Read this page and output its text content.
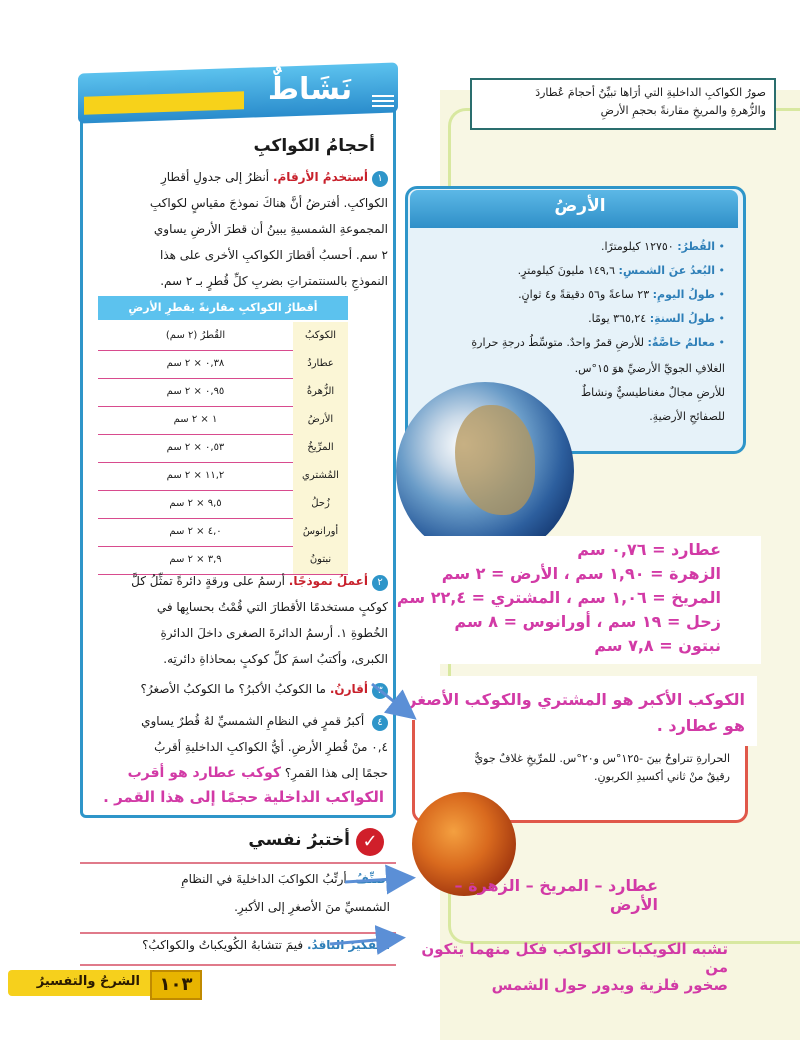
صورُ الكواكبِ الداخليةِ التي أرَاها تبيِّنُ أحجامَ عُطاردَ
والزُّهرةِ والمريخِ مقارنةً بحجمِ الأرضِ
الأرضُ
• القُطرُ: ١٢٧٥٠ كيلومترًا.
• البُعدُ عنَ الشمسِ: ١٤٩,٦ مليونَ كيلومترٍ.
• طولُ اليومِ: ٢٣ ساعةً و٥٦ دقيقةً و٤ ثوانٍ.
• طولُ السنةِ: ٣٦٥,٢٤ يومًا.
• معالمُ خاصَّةٌ: للأرضِ قمرٌ واحدٌ. متوسِّطُ درجةِ حرارةِ
الغلافِ الجويِّ الأرضيِّ هوَ ١٥°س.
للأرضِ مجالٌ مغناطيسيٌّ ونشاطٌ
للصفائحِ الأرضيةِ.
الحرارةِ تتراوحُ بينَ -١٢٥°س و٢٠°س. للمرِّيخِ غلافٌ جويٌّ
رقيقٌ منْ ثاني أكسيدِ الكربونِ.
عطارد = ٠,٧٦ سم
الزهرة = ١,٩٠ سم ، الأرض = ٢ سم
المريخ = ١,٠٦ سم ، المشتري = ٢٢,٤ سم
زحل = ١٩ سم ، أورانوس = ٨ سم
نبتون = ٧,٨ سم
الكوكب الأكبر هو المشتري والكوكب الأصغر
هو عطارد .
نَشَاطٌ
أحجامُ الكواكبِ
١أستخدمُ الأرقامَ. أنظرُ إلى جدولِ أقطارِ
الكواكبِ. أفترضُ أنَّ هناكَ نموذجَ مقياسٍ لكواكبِ
المجموعةِ الشمسيةِ يبينُ أن قطرَ الأرضِ يساوي
٢ سم. أحسبُ أقطارَ الكواكبِ الأخرى على هذا
النموذجِ بالسنتمتراتِ بضربِ كلِّ قُطرٍ بـ ٢ سم.
أقطارُ الكواكبِ مقارنةً بقطرِ الأرضِ
الكوكبُ
القُطرُ (٢ سم)
عطاردُ
٠,٣٨ × ٢ سم
الزُّهرةُ
٠,٩٥ × ٢ سم
الأرضُ
١ × ٢ سم
المرِّيخُ
٠,٥٣ × ٢ سم
المُشتري
١١,٢ × ٢ سم
زُحلُ
٩,٥ × ٢ سم
أورانوسُ
٤,٠ × ٢ سم
نبتونُ
٣,٩ × ٢ سم
٢أعملُ نموذجًا. أرسمُ على ورقةٍ دائرةً تمثِّلُ كلَّ
كوكبٍ مستخدمًا الأقطارَ التي قُمْتُ بحسابِها في
الخُطوةِ ١. أرسمُ الدائرةَ الصغرى داخلَ الدائرةِ
الكبرى، وأكتبُ اسمَ كلِّ كوكبٍ بمحاذاةِ دائرتِه.
٣أقارنُ. ما الكوكبُ الأكبرُ؟ ما الكوكبُ الأصغرُ؟
٤ أكبرُ قمرٍ في النظامِ الشمسيِّ لهُ قُطرٌ يساوي
٠,٤ منْ قُطرِ الأرضِ. أيُّ الكواكبِ الداخليةِ أقربُ
حجمًا إلى هذا القمرِ؟ كوكب عطارد هو أقرب
الكواكب الداخلية حجمًا إلى هذا القمر .
✓
أختبرُ نفسي
أصنِّفُ. أرتِّبُ الكواكبَ الداخليةَ في النظامِ
الشمسيِّ منَ الأصغرِ إلى الأكبرِ.
التفكيرُ الناقدُ. فيمَ تتشابهُ الكُويكباتُ والكواكبُ؟
عطارد – المريخ – الزهرة – الأرض
تشبه الكويكبات الكواكب فكل منهما يتكون من
صخور فلزية ويدور حول الشمس
١٠٣
الشرحُ والتفسيرُ
